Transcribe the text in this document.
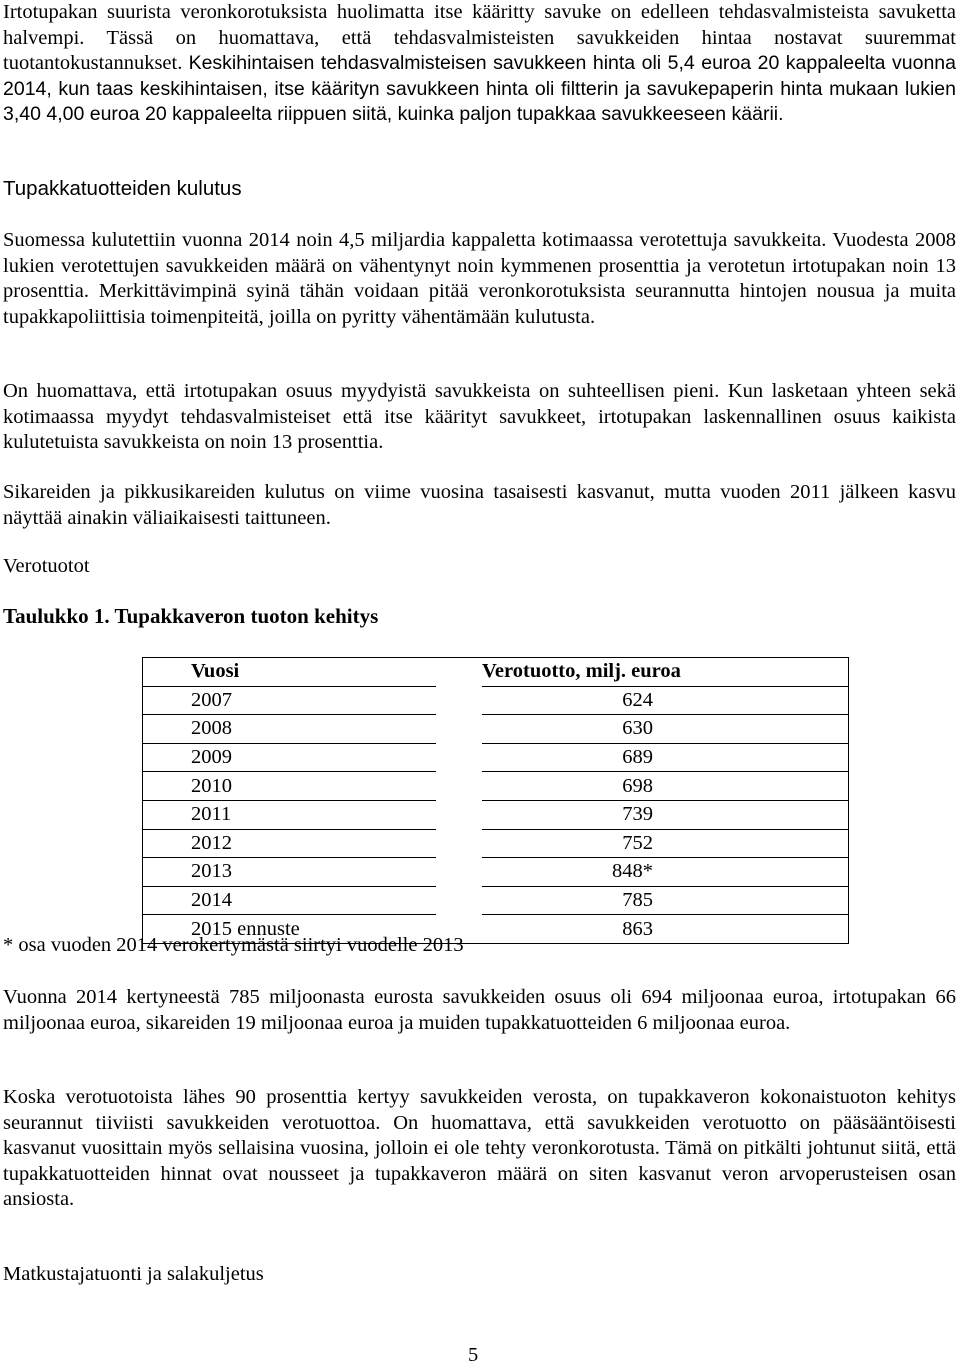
Irtotupakan suurista veronkorotuksista huolimatta itse kääritty savuke on edelleen tehdasvalmisteista savuketta halvempi. Tässä on huomattava, että tehdasvalmisteisten savukkeiden hintaa nostavat suuremmat tuotantokustannukset. Keskihintaisen tehdasvalmisteisen savukkeen hinta oli 5,4 euroa 20 kappaleelta vuonna 2014, kun taas keskihintaisen, itse käärityn savukkeen hinta oli filtterin ja savukepaperin hinta mukaan lukien 3,40 4,00 euroa 20 kappaleelta riippuen siitä, kuinka paljon tupakkaa savukkeeseen käärii.

Tupakkatuotteiden kulutus

Suomessa kulutettiin vuonna 2014 noin 4,5 miljardia kappaletta kotimaassa verotettuja savukkeita. Vuodesta 2008 lukien verotettujen savukkeiden määrä on vähentynyt noin kymmenen prosenttia ja verotetun irtotupakan noin 13 prosenttia. Merkittävimpinä syinä tähän voidaan pitää veronkorotuksista seurannutta hintojen nousua ja muita tupakkapoliittisia toimenpiteitä, joilla on pyritty vähentämään kulutusta.

On huomattava, että irtotupakan osuus myydyistä savukkeista on suhteellisen pieni. Kun lasketaan yhteen sekä kotimaassa myydyt tehdasvalmisteiset että itse käärityt savukkeet, irtotupakan laskennallinen osuus kaikista kulutetuista savukkeista on noin 13 prosenttia.

Sikareiden ja pikkusikareiden kulutus on viime vuosina tasaisesti kasvanut, mutta vuoden 2011 jälkeen kasvu näyttää ainakin väliaikaisesti taittuneen.

Verotuotot

Taulukko 1. Tupakkaveron tuoton kehitys

Vuosi		Verotuotto, milj. euroa
2007		624
2008		630
2009		689
2010		698
2011		739
2012		752
2013		848*
2014		785
2015 ennuste		863

* osa vuoden 2014 verokertymästä siirtyi vuodelle 2013

Vuonna 2014 kertyneestä 785 miljoonasta eurosta savukkeiden osuus oli 694 miljoonaa euroa, irtotupakan 66 miljoonaa euroa, sikareiden 19 miljoonaa euroa ja muiden tupakkatuotteiden 6 miljoonaa euroa.

Koska verotuotoista lähes 90 prosenttia kertyy savukkeiden verosta, on tupakkaveron kokonaistuoton kehitys seurannut tiiviisti savukkeiden verotuottoa. On huomattava, että savukkeiden verotuotto on pääsääntöisesti kasvanut vuosittain myös sellaisina vuosina, jolloin ei ole tehty veronkorotusta. Tämä on pitkälti johtunut siitä, että tupakkatuotteiden hinnat ovat nousseet ja tupakkaveron määrä on siten kasvanut veron arvoperusteisen osan ansiosta.

Matkustajatuonti ja salakuljetus

5
